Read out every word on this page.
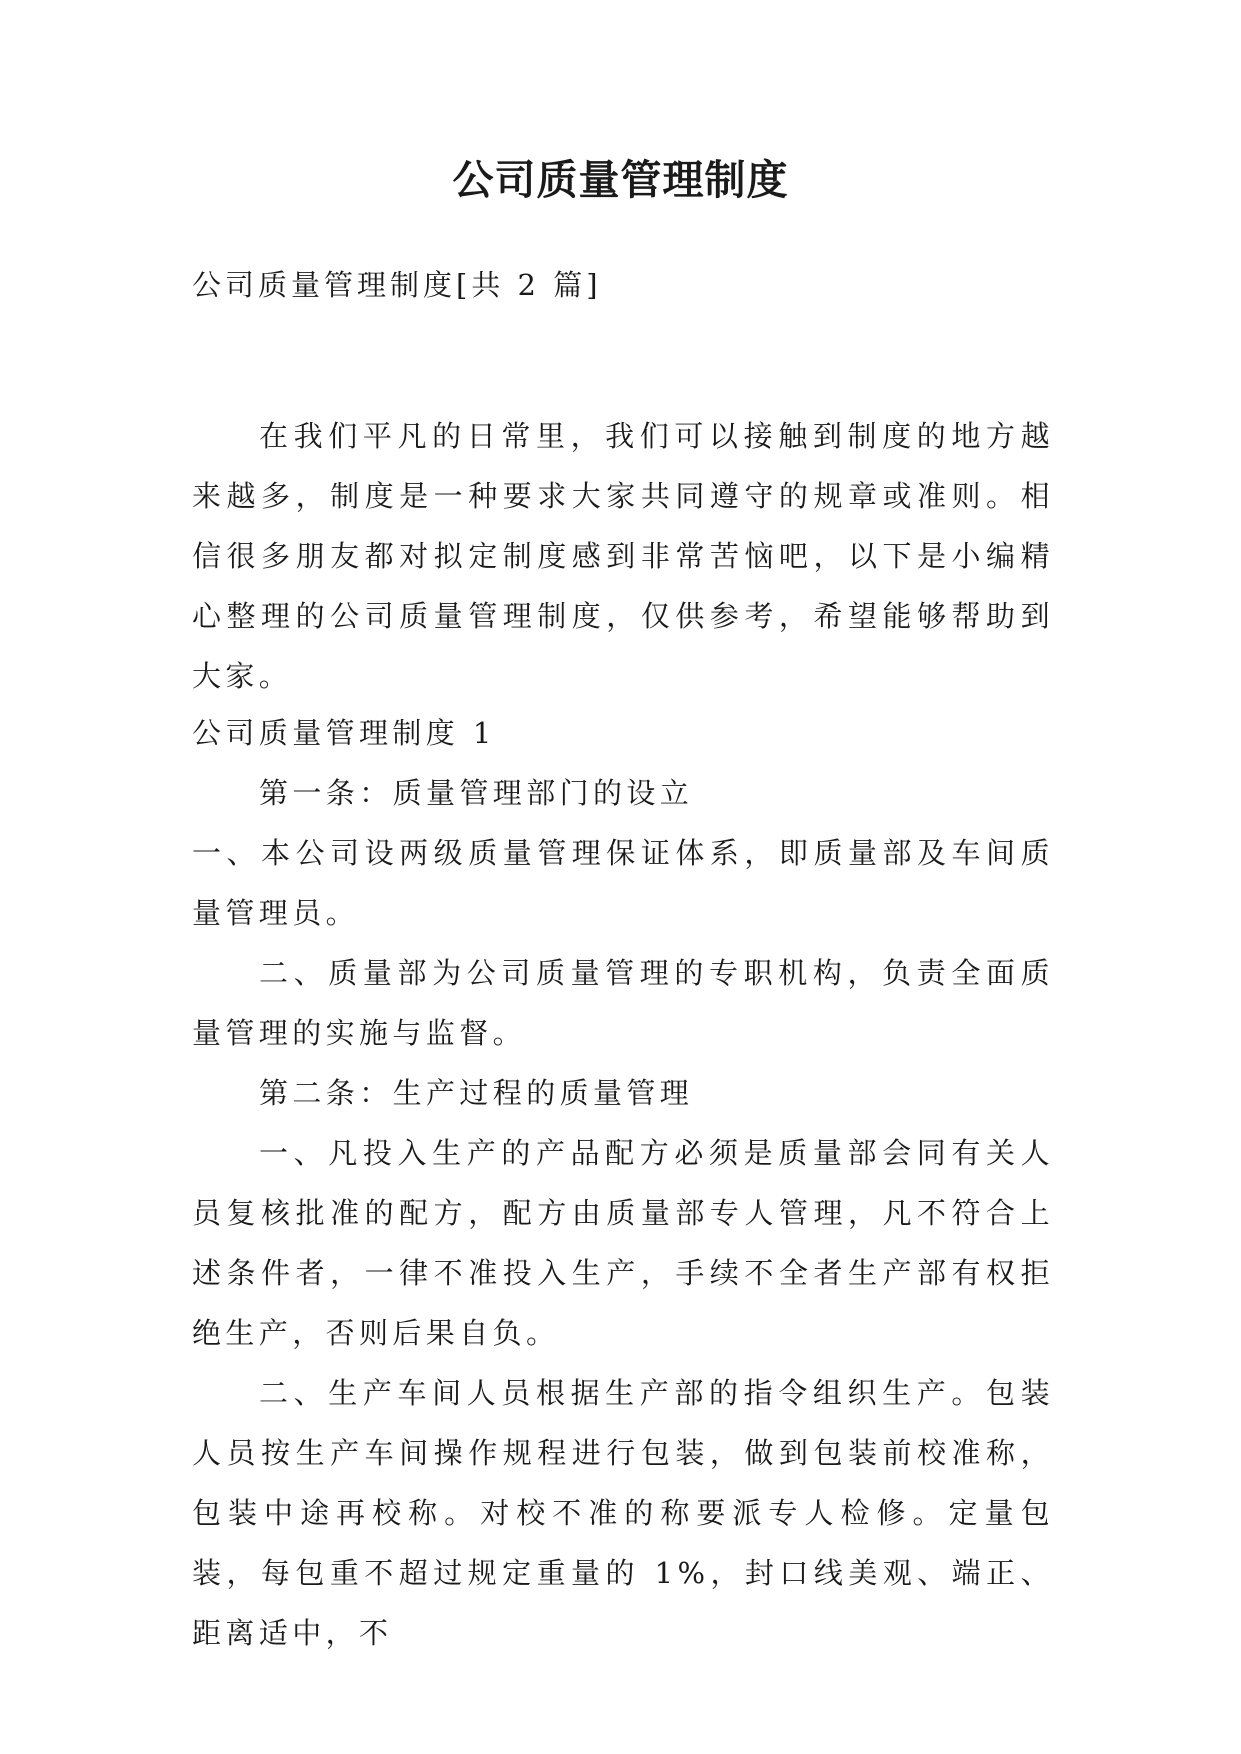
公司质量管理制度

公司质量管理制度[共 2 篇]

在我们平凡的日常里，我们可以接触到制度的地方越来越多，制度是一种要求大家共同遵守的规章或准则。相信很多朋友都对拟定制度感到非常苦恼吧，以下是小编精心整理的公司质量管理制度，仅供参考，希望能够帮助到大家。

公司质量管理制度 1

第一条：质量管理部门的设立

一、本公司设两级质量管理保证体系，即质量部及车间质量管理员。

二、质量部为公司质量管理的专职机构，负责全面质量管理的实施与监督。

第二条：生产过程的质量管理

一、凡投入生产的产品配方必须是质量部会同有关人员复核批准的配方，配方由质量部专人管理，凡不符合上述条件者，一律不准投入生产，手续不全者生产部有权拒绝生产，否则后果自负。

二、生产车间人员根据生产部的指令组织生产。包装人员按生产车间操作规程进行包装，做到包装前校准称，包装中途再校称。对校不准的称要派专人检修。定量包装，每包重不超过规定重量的 1%，封口线美观、端正、距离适中，不
